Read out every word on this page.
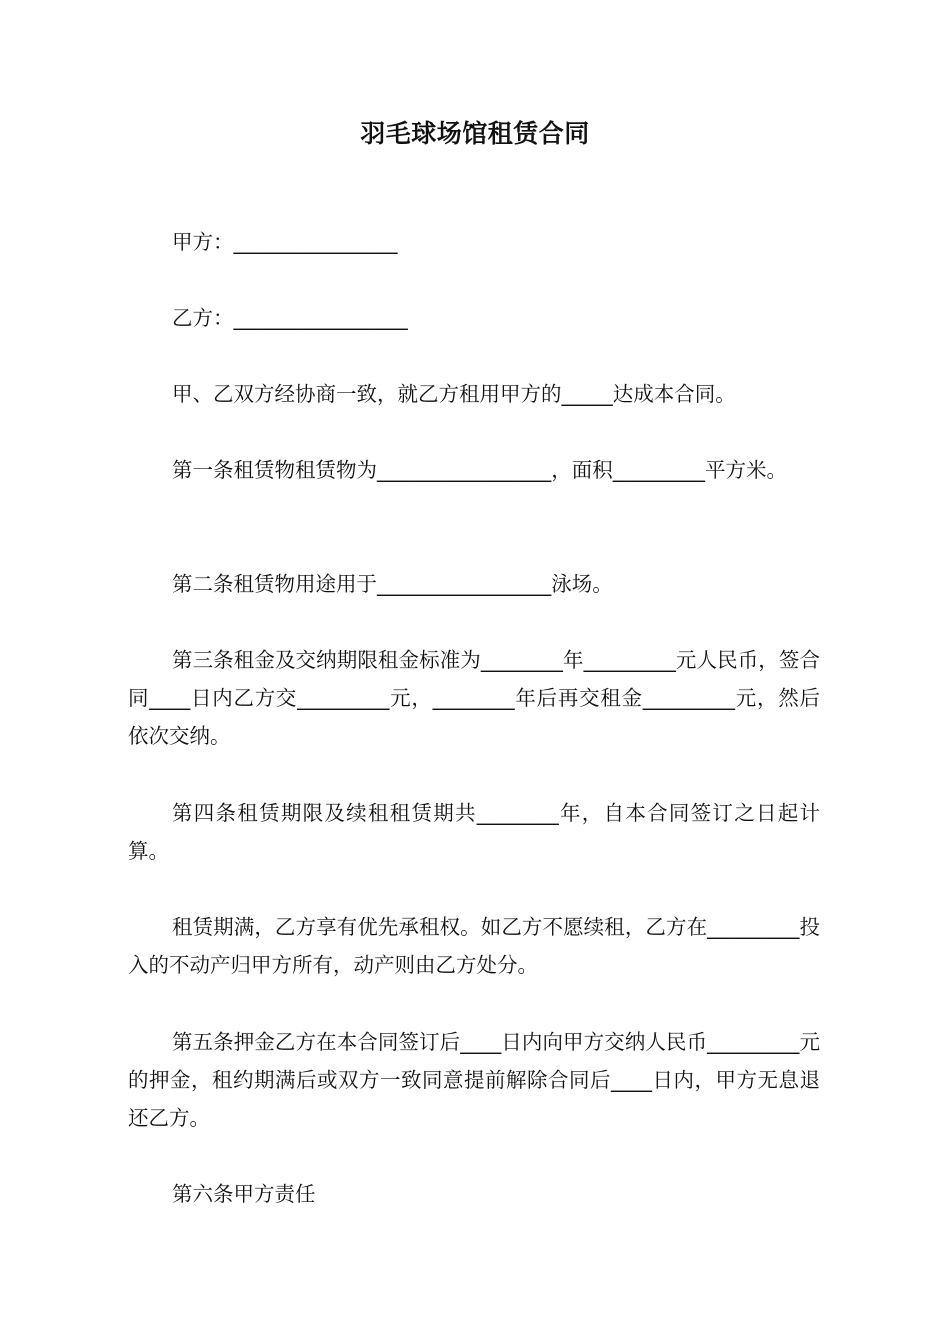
羽毛球场馆租赁合同

甲方：________________

乙方：_________________

甲、乙双方经协商一致，就乙方租用甲方的_____达成本合同。

第一条租赁物租赁物为_________________，面积_________平方米。

第二条租赁物用途用于_________________泳场。

第三条租金及交纳期限租金标准为________年_________元人民币，签合同____日内乙方交_________元，________年后再交租金_________元，然后依次交纳。

第四条租赁期限及续租租赁期共________年，自本合同签订之日起计算。

租赁期满，乙方享有优先承租权。如乙方不愿续租，乙方在_________投入的不动产归甲方所有，动产则由乙方处分。

第五条押金乙方在本合同签订后____日内向甲方交纳人民币_________元的押金，租约期满后或双方一致同意提前解除合同后____日内，甲方无息退还乙方。

第六条甲方责任
